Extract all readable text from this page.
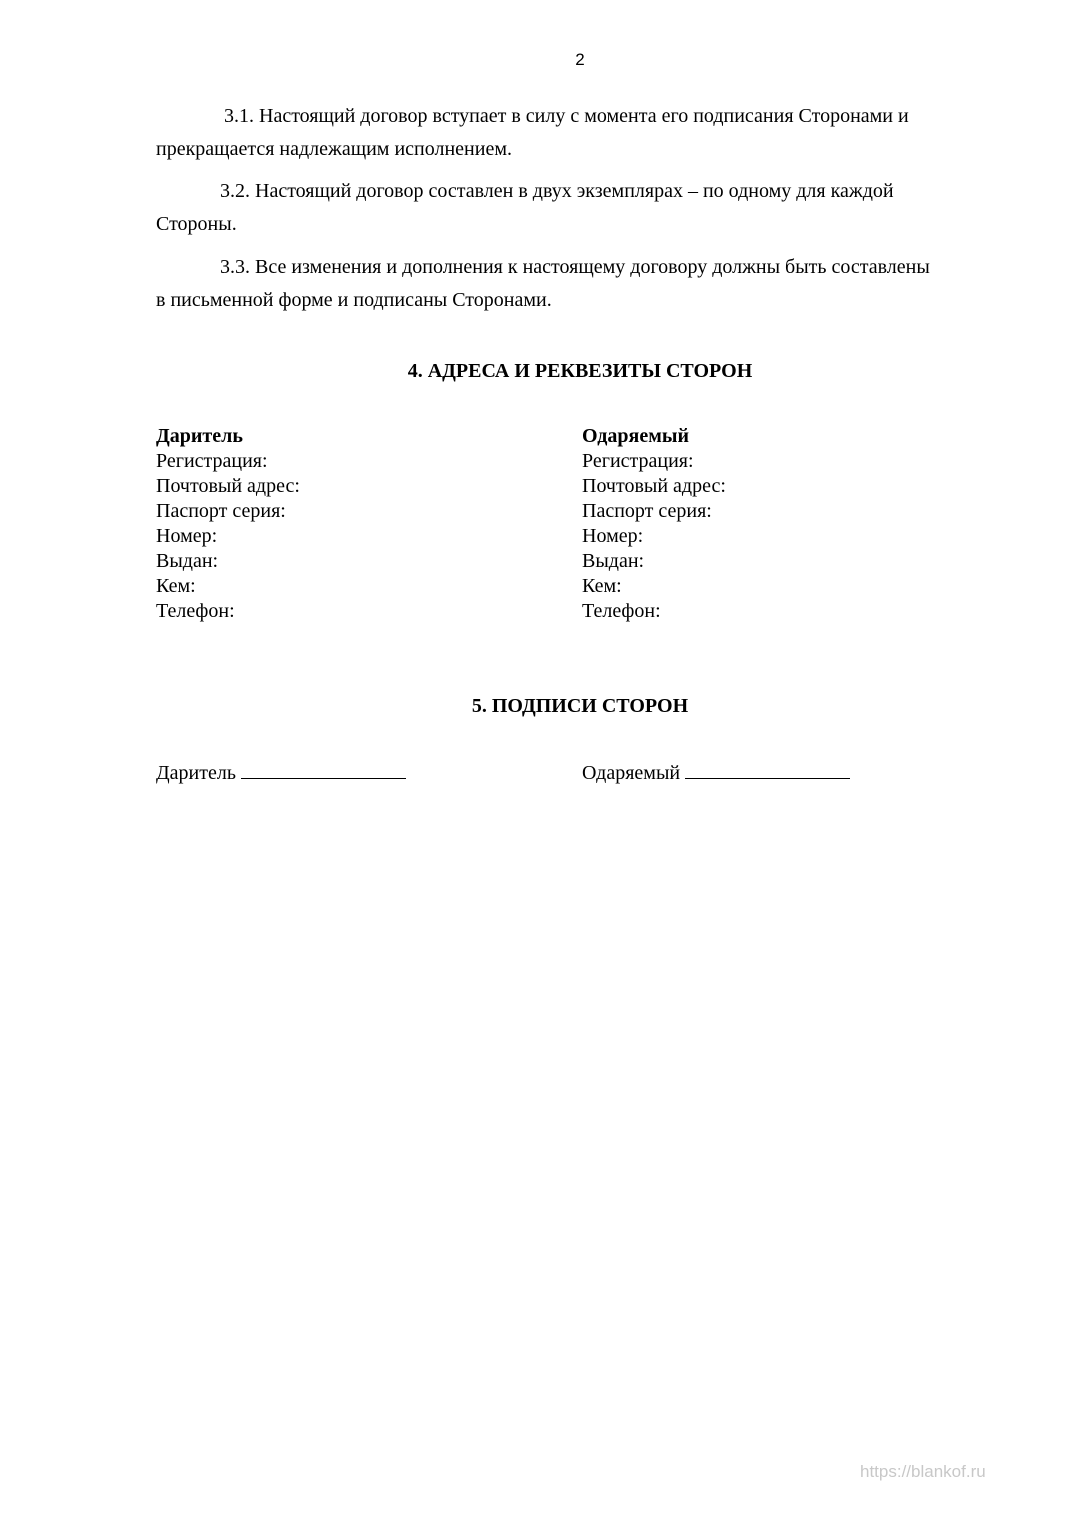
2

3.1. Настоящий договор вступает в силу с момента его подписания Сторонами и
прекращается надлежащим исполнением.

3.2. Настоящий договор составлен в двух экземплярах – по одному для каждой
Стороны.

3.3. Все изменения и дополнения к настоящему договору должны быть составлены
в письменной форме и подписаны Сторонами.

4. АДРЕСА И РЕКВЕЗИТЫ СТОРОН
Даритель
Регистрация:
Почтовый адрес:
Паспорт серия:
Номер:
Выдан:
Кем:
Телефон:
Одаряемый
Регистрация:
Почтовый адрес:
Паспорт серия:
Номер:
Выдан:
Кем:
Телефон:
5. ПОДПИСИ СТОРОН
Даритель	Одаряемый
https://blankof.ru
